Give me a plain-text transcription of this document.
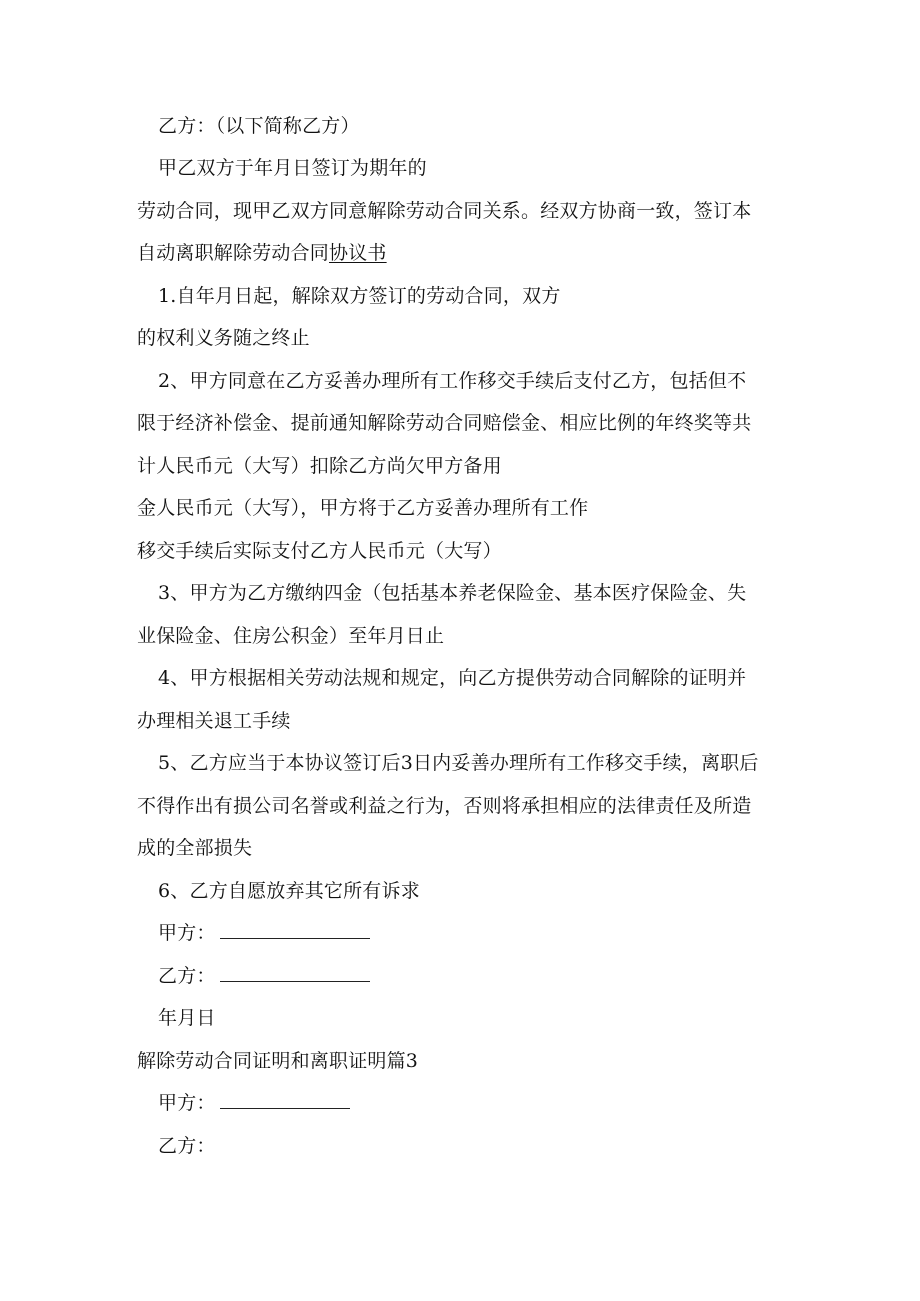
乙方：（以下简称乙方）
甲乙双方于年月日签订为期年的
劳动合同，现甲乙双方同意解除劳动合同关系。经双方协商一致，签订本
自动离职解除劳动合同协议书
1.自年月日起，解除双方签订的劳动合同，双方
的权利义务随之终止
2、甲方同意在乙方妥善办理所有工作移交手续后支付乙方，包括但不
限于经济补偿金、提前通知解除劳动合同赔偿金、相应比例的年终奖等共
计人民币元（大写）扣除乙方尚欠甲方备用
金人民币元（大写），甲方将于乙方妥善办理所有工作
移交手续后实际支付乙方人民币元（大写）
3、甲方为乙方缴纳四金（包括基本养老保险金、基本医疗保险金、失
业保险金、住房公积金）至年月日止
4、甲方根据相关劳动法规和规定，向乙方提供劳动合同解除的证明并
办理相关退工手续
5、乙方应当于本协议签订后3日内妥善办理所有工作移交手续，离职后
不得作出有损公司名誉或利益之行为，否则将承担相应的法律责任及所造
成的全部损失
6、乙方自愿放弃其它所有诉求
甲方：
乙方：
年月日
解除劳动合同证明和离职证明篇3
甲方：
乙方：
